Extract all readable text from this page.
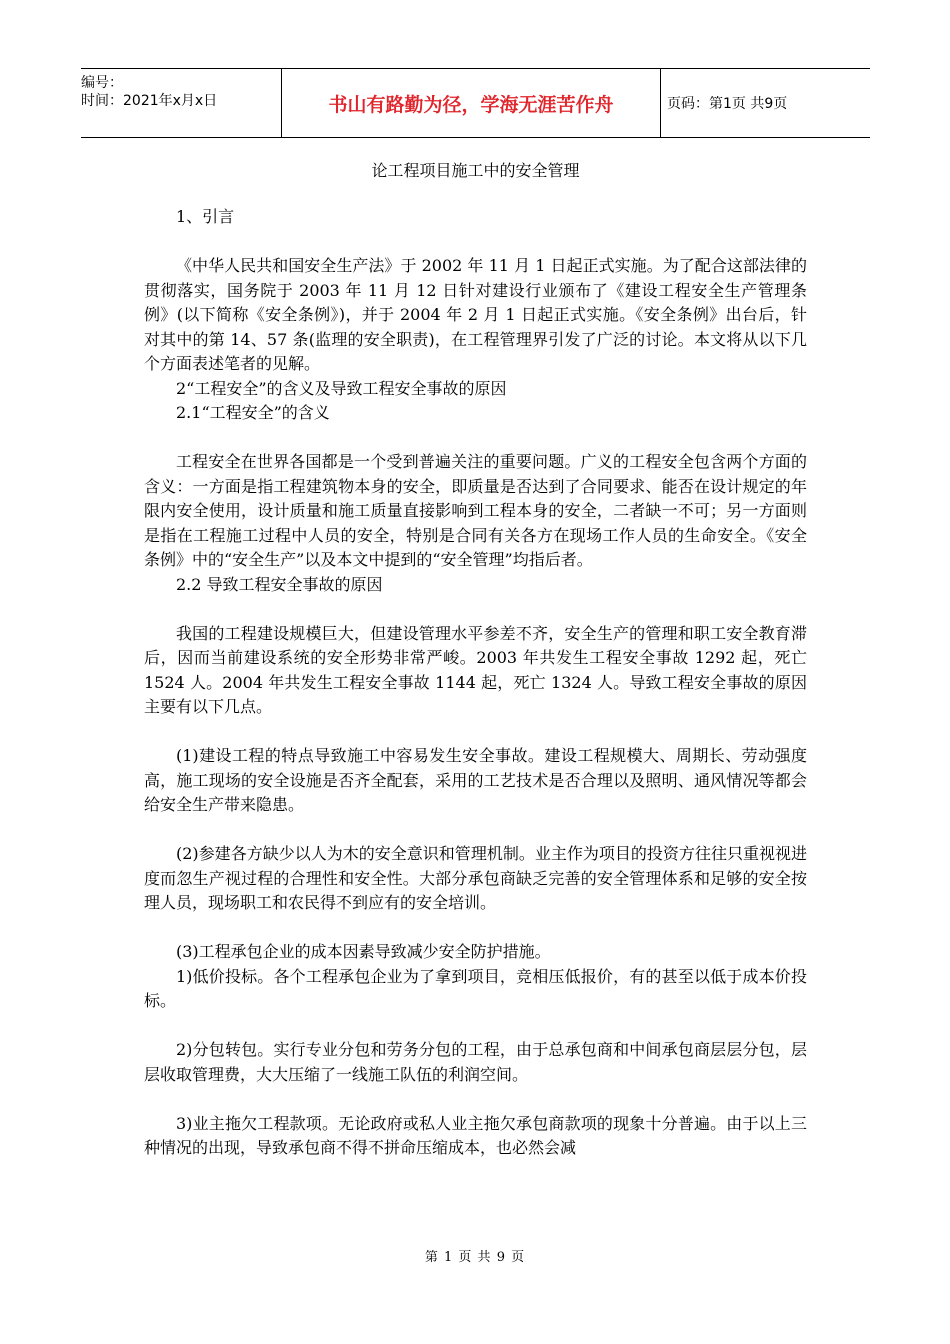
编号：
时间：2021年x月x日	书山有路勤为径，学海无涯苦作舟	页码：第1页 共9页
论工程项目施工中的安全管理

1、引言

《中华人民共和国安全生产法》于 2002 年 11 月 1 日起正式实施。为了配合这部法律的贯彻落实，国务院于 2003 年 11 月 12 日针对建设行业颁布了《建设工程安全生产管理条例》(以下简称《安全条例》)，并于 2004 年 2 月 1 日起正式实施。《安全条例》出台后，针对其中的第 14、57 条(监理的安全职责)，在工程管理界引发了广泛的讨论。本文将从以下几个方面表述笔者的见解。

2“工程安全”的含义及导致工程安全事故的原因

2.1“工程安全”的含义

工程安全在世界各国都是一个受到普遍关注的重要问题。广义的工程安全包含两个方面的含义：一方面是指工程建筑物本身的安全，即质量是否达到了合同要求、能否在设计规定的年限内安全使用，设计质量和施工质量直接影响到工程本身的安全，二者缺一不可；另一方面则是指在工程施工过程中人员的安全，特别是合同有关各方在现场工作人员的生命安全。《安全条例》中的“安全生产”以及本文中提到的“安全管理”均指后者。

2.2 导致工程安全事故的原因

我国的工程建设规模巨大，但建设管理水平参差不齐，安全生产的管理和职工安全教育滞后，因而当前建设系统的安全形势非常严峻。2003 年共发生工程安全事故 1292 起，死亡 1524 人。2004 年共发生工程安全事故 1144 起，死亡 1324 人。导致工程安全事故的原因主要有以下几点。

(1)建设工程的特点导致施工中容易发生安全事故。建设工程规模大、周期长、劳动强度高，施工现场的安全设施是否齐全配套，采用的工艺技术是否合理以及照明、通风情况等都会给安全生产带来隐患。

(2)参建各方缺少以人为木的安全意识和管理机制。业主作为项目的投资方往往只重视视进度而忽生产视过程的合理性和安全性。大部分承包商缺乏完善的安全管理体系和足够的安全按理人员，现场职工和农民得不到应有的安全培训。

(3)工程承包企业的成本因素导致减少安全防护措施。

1)低价投标。各个工程承包企业为了拿到项目，竞相压低报价，有的甚至以低于成本价投标。

2)分包转包。实行专业分包和劳务分包的工程，由于总承包商和中间承包商层层分包，层层收取管理费，大大压缩了一线施工队伍的利润空间。

3)业主拖欠工程款项。无论政府或私人业主拖欠承包商款项的现象十分普遍。由于以上三种情况的出现，导致承包商不得不拼命压缩成本，也必然会减

第 1 页 共 9 页
